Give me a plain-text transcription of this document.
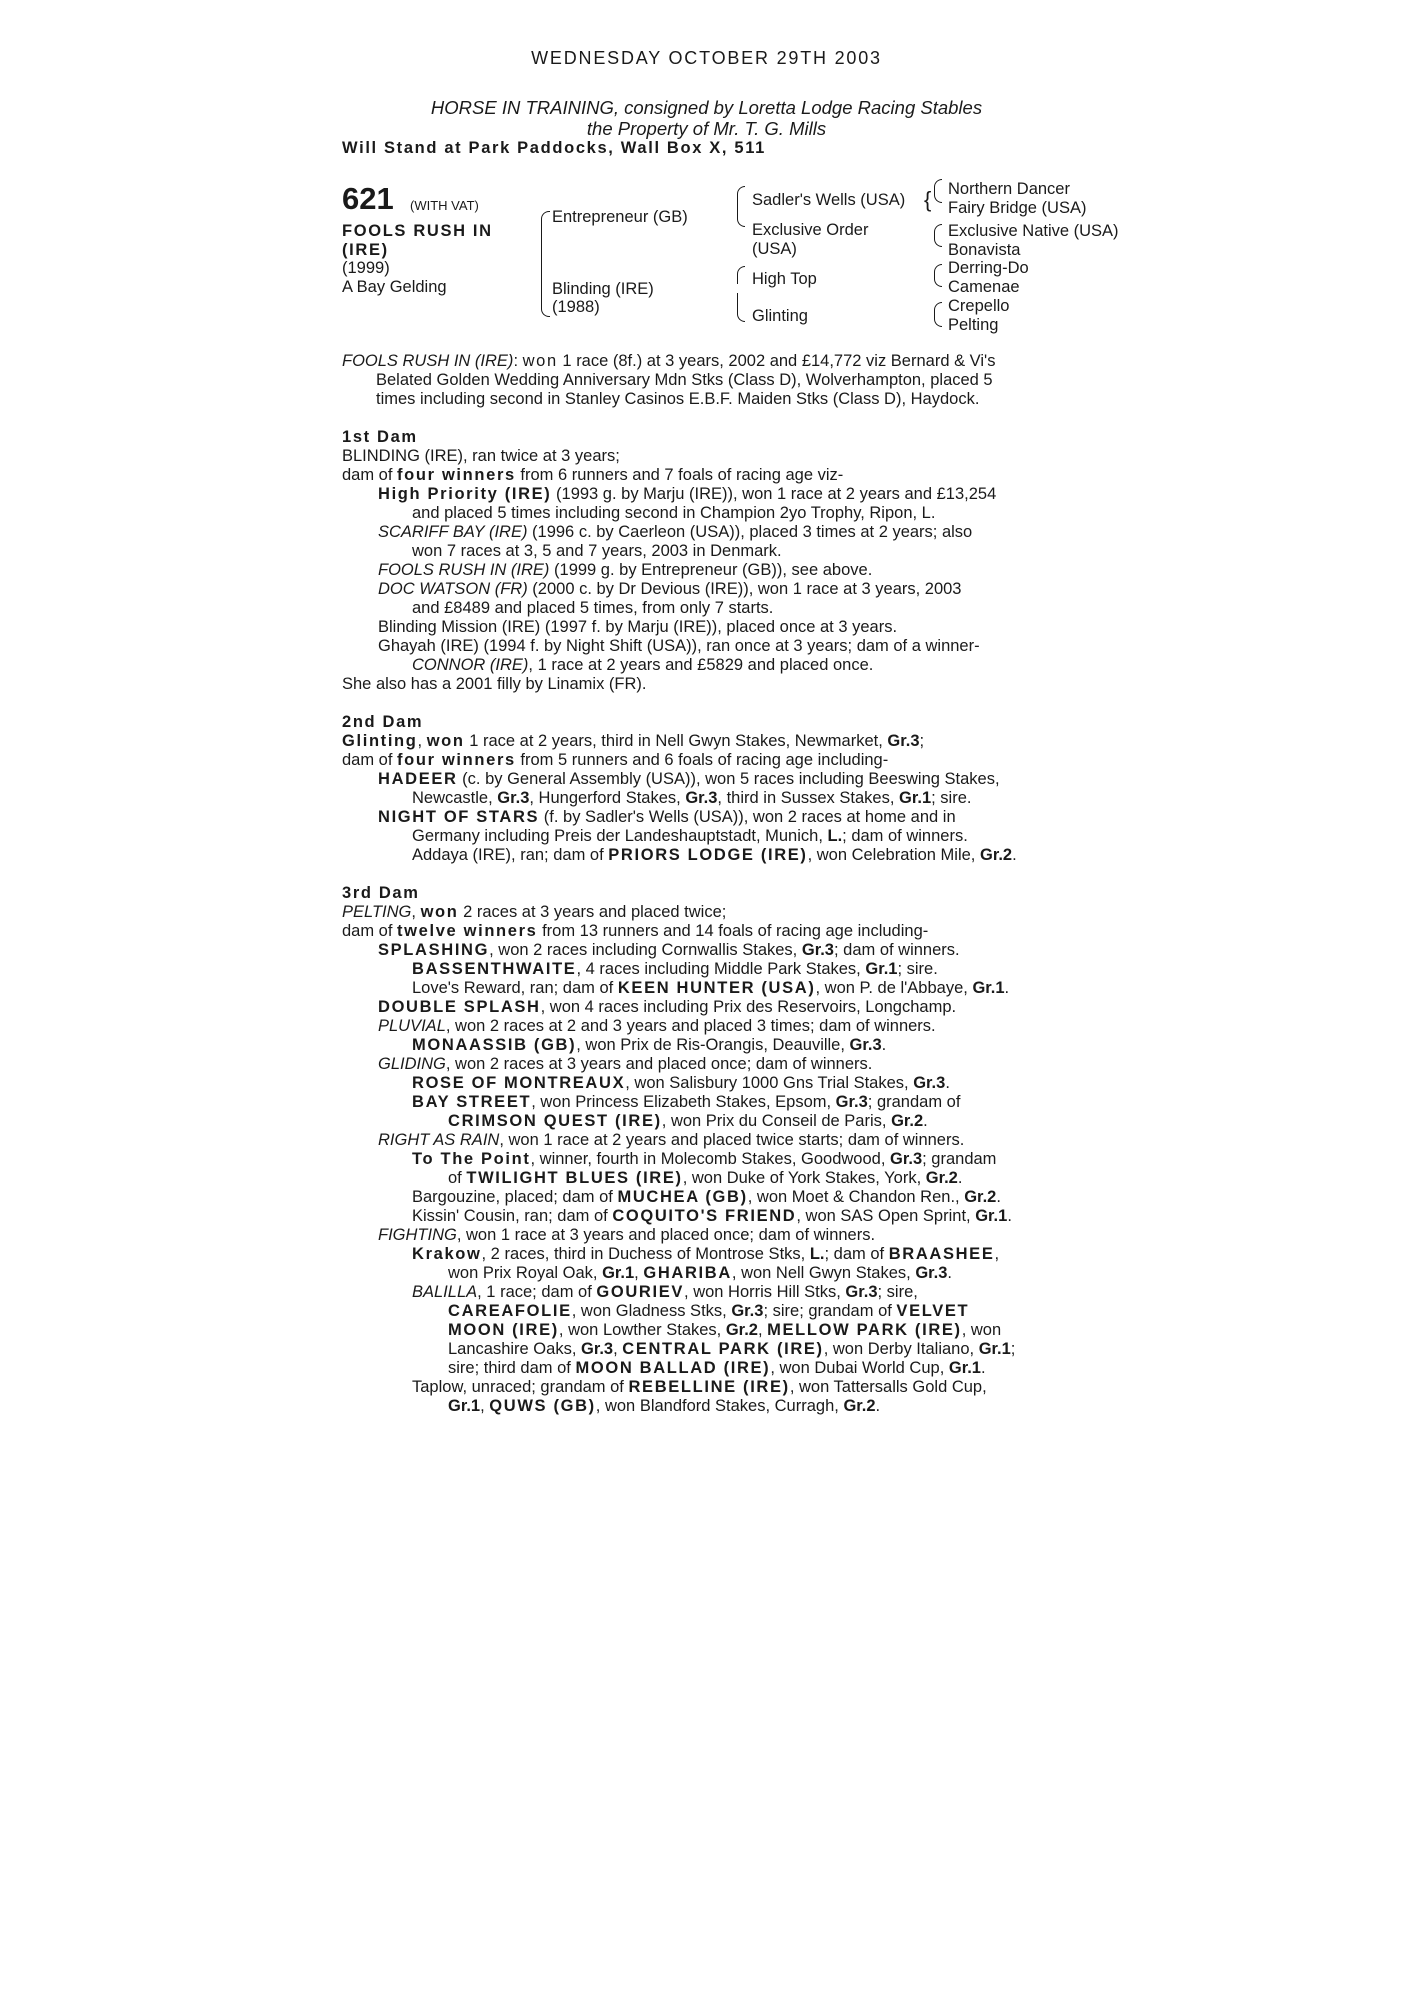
WEDNESDAY OCTOBER 29TH 2003
HORSE IN TRAINING, consigned by Loretta Lodge Racing Stables
the Property of Mr. T. G. Mills
Will Stand at Park Paddocks, Wall Box X, 511
621 (WITH VAT)
FOOLS RUSH IN
(IRE)
(1999)
A Bay Gelding
{
Entrepreneur (GB)
Blinding (IRE)
(1988)
Sadler's Wells (USA)
Exclusive Order
(USA)
High Top
Glinting
Northern Dancer
Fairy Bridge (USA)
Exclusive Native (USA)
Bonavista
Derring-Do
Camenae
Crepello
Pelting
FOOLS RUSH IN (IRE): won 1 race (8f.) at 3 years, 2002 and £14,772 viz Bernard & Vi's
Belated Golden Wedding Anniversary Mdn Stks (Class D), Wolverhampton, placed 5
times including second in Stanley Casinos E.B.F. Maiden Stks (Class D), Haydock.
1st Dam
BLINDING (IRE), ran twice at 3 years;
dam of four winners from 6 runners and 7 foals of racing age viz-
High Priority (IRE) (1993 g. by Marju (IRE)), won 1 race at 2 years and £13,254
and placed 5 times including second in Champion 2yo Trophy, Ripon, L.
SCARIFF BAY (IRE) (1996 c. by Caerleon (USA)), placed 3 times at 2 years; also
won 7 races at 3, 5 and 7 years, 2003 in Denmark.
FOOLS RUSH IN (IRE) (1999 g. by Entrepreneur (GB)), see above.
DOC WATSON (FR) (2000 c. by Dr Devious (IRE)), won 1 race at 3 years, 2003
and £8489 and placed 5 times, from only 7 starts.
Blinding Mission (IRE) (1997 f. by Marju (IRE)), placed once at 3 years.
Ghayah (IRE) (1994 f. by Night Shift (USA)), ran once at 3 years; dam of a winner-
CONNOR (IRE), 1 race at 2 years and £5829 and placed once.
She also has a 2001 filly by Linamix (FR).
2nd Dam
Glinting, won 1 race at 2 years, third in Nell Gwyn Stakes, Newmarket, Gr.3;
dam of four winners from 5 runners and 6 foals of racing age including-
HADEER (c. by General Assembly (USA)), won 5 races including Beeswing Stakes,
Newcastle, Gr.3, Hungerford Stakes, Gr.3, third in Sussex Stakes, Gr.1; sire.
NIGHT OF STARS (f. by Sadler's Wells (USA)), won 2 races at home and in
Germany including Preis der Landeshauptstadt, Munich, L.; dam of winners.
Addaya (IRE), ran; dam of PRIORS LODGE (IRE), won Celebration Mile, Gr.2.
3rd Dam
PELTING, won 2 races at 3 years and placed twice;
dam of twelve winners from 13 runners and 14 foals of racing age including-
SPLASHING, won 2 races including Cornwallis Stakes, Gr.3; dam of winners.
BASSENTHWAITE, 4 races including Middle Park Stakes, Gr.1; sire.
Love's Reward, ran; dam of KEEN HUNTER (USA), won P. de l'Abbaye, Gr.1.
DOUBLE SPLASH, won 4 races including Prix des Reservoirs, Longchamp.
PLUVIAL, won 2 races at 2 and 3 years and placed 3 times; dam of winners.
MONAASSIB (GB), won Prix de Ris-Orangis, Deauville, Gr.3.
GLIDING, won 2 races at 3 years and placed once; dam of winners.
ROSE OF MONTREAUX, won Salisbury 1000 Gns Trial Stakes, Gr.3.
BAY STREET, won Princess Elizabeth Stakes, Epsom, Gr.3; grandam of
CRIMSON QUEST (IRE), won Prix du Conseil de Paris, Gr.2.
RIGHT AS RAIN, won 1 race at 2 years and placed twice starts; dam of winners.
To The Point, winner, fourth in Molecomb Stakes, Goodwood, Gr.3; grandam
of TWILIGHT BLUES (IRE), won Duke of York Stakes, York, Gr.2.
Bargouzine, placed; dam of MUCHEA (GB), won Moet & Chandon Ren., Gr.2.
Kissin' Cousin, ran; dam of COQUITO'S FRIEND, won SAS Open Sprint, Gr.1.
FIGHTING, won 1 race at 3 years and placed once; dam of winners.
Krakow, 2 races, third in Duchess of Montrose Stks, L.; dam of BRAASHEE,
won Prix Royal Oak, Gr.1, GHARIBA, won Nell Gwyn Stakes, Gr.3.
BALILLA, 1 race; dam of GOURIEV, won Horris Hill Stks, Gr.3; sire,
CAREAFOLIE, won Gladness Stks, Gr.3; sire; grandam of VELVET
MOON (IRE), won Lowther Stakes, Gr.2, MELLOW PARK (IRE), won
Lancashire Oaks, Gr.3, CENTRAL PARK (IRE), won Derby Italiano, Gr.1;
sire; third dam of MOON BALLAD (IRE), won Dubai World Cup, Gr.1.
Taplow, unraced; grandam of REBELLINE (IRE), won Tattersalls Gold Cup,
Gr.1, QUWS (GB), won Blandford Stakes, Curragh, Gr.2.
